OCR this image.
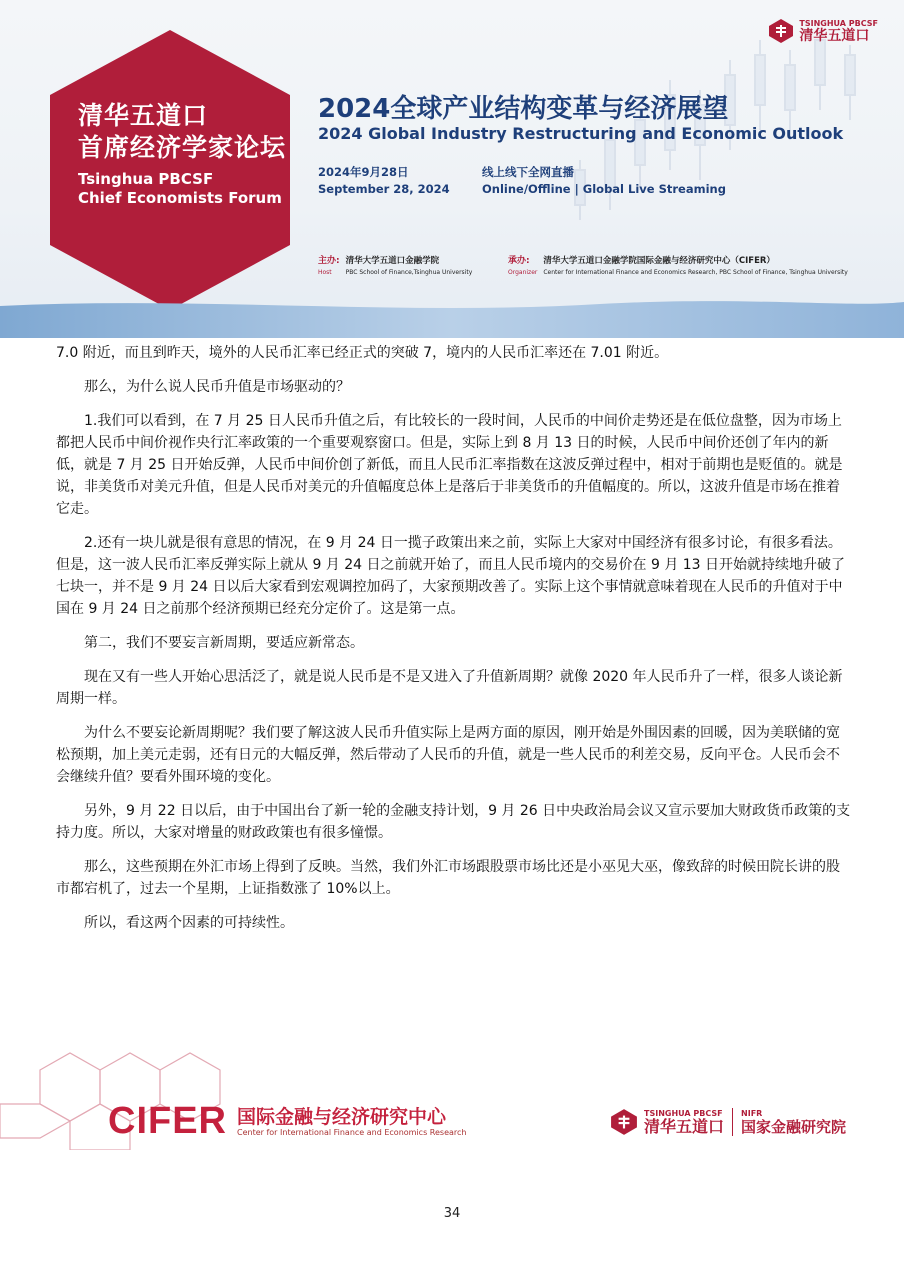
清华五道口
首席经济学家论坛
Tsinghua PBCSF
Chief Economists Forum
TSINGHUA PBCSF
清华五道口
2024全球产业结构变革与经济展望
2024 Global Industry Restructuring and Economic Outlook
2024年9月28日
September 28, 2024
线上线下全网直播
Online/Offline | Global Live Streaming
主办:
Host
清华大学五道口金融学院
PBC School of Finance,Tsinghua University
承办:
Organizer
清华大学五道口金融学院国际金融与经济研究中心（CIFER）
Center for International Finance and Economics Research, PBC School of Finance, Tsinghua University

7.0 附近，而且到昨天，境外的人民币汇率已经正式的突破 7，境内的人民币汇率还在 7.01 附近。

那么，为什么说人民币升值是市场驱动的？

1.我们可以看到，在 7 月 25 日人民币升值之后，有比较长的一段时间，人民币的中间价走势还是在低位盘整，因为市场上都把人民币中间价视作央行汇率政策的一个重要观察窗口。但是，实际上到 8 月 13 日的时候，人民币中间价还创了年内的新低，就是 7 月 25 日开始反弹，人民币中间价创了新低，而且人民币汇率指数在这波反弹过程中，相对于前期也是贬值的。就是说，非美货币对美元升值，但是人民币对美元的升值幅度总体上是落后于非美货币的升值幅度的。所以，这波升值是市场在推着它走。

2.还有一块儿就是很有意思的情况，在 9 月 24 日一揽子政策出来之前，实际上大家对中国经济有很多讨论，有很多看法。但是，这一波人民币汇率反弹实际上就从 9 月 24 日之前就开始了，而且人民币境内的交易价在 9 月 13 日开始就持续地升破了七块一，并不是 9 月 24 日以后大家看到宏观调控加码了，大家预期改善了。实际上这个事情就意味着现在人民币的升值对于中国在 9 月 24 日之前那个经济预期已经充分定价了。这是第一点。

第二，我们不要妄言新周期，要适应新常态。

现在又有一些人开始心思活泛了，就是说人民币是不是又进入了升值新周期？就像 2020 年人民币升了一样，很多人谈论新周期一样。

为什么不要妄论新周期呢？我们要了解这波人民币升值实际上是两方面的原因，刚开始是外围因素的回暖，因为美联储的宽松预期，加上美元走弱，还有日元的大幅反弹，然后带动了人民币的升值，就是一些人民币的利差交易，反向平仓。人民币会不会继续升值？要看外围环境的变化。

另外，9 月 22 日以后，由于中国出台了新一轮的金融支持计划，9 月 26 日中央政治局会议又宣示要加大财政货币政策的支持力度。所以，大家对增量的财政政策也有很多憧憬。

那么，这些预期在外汇市场上得到了反映。当然，我们外汇市场跟股票市场比还是小巫见大巫，像致辞的时候田院长讲的股市都宕机了，过去一个星期，上证指数涨了 10%以上。

所以，看这两个因素的可持续性。

CIFER 国际金融与经济研究中心
Center for International Finance and Economics Research
TSINGHUA PBCSF
清华五道口
NIFR
国家金融研究院
34
